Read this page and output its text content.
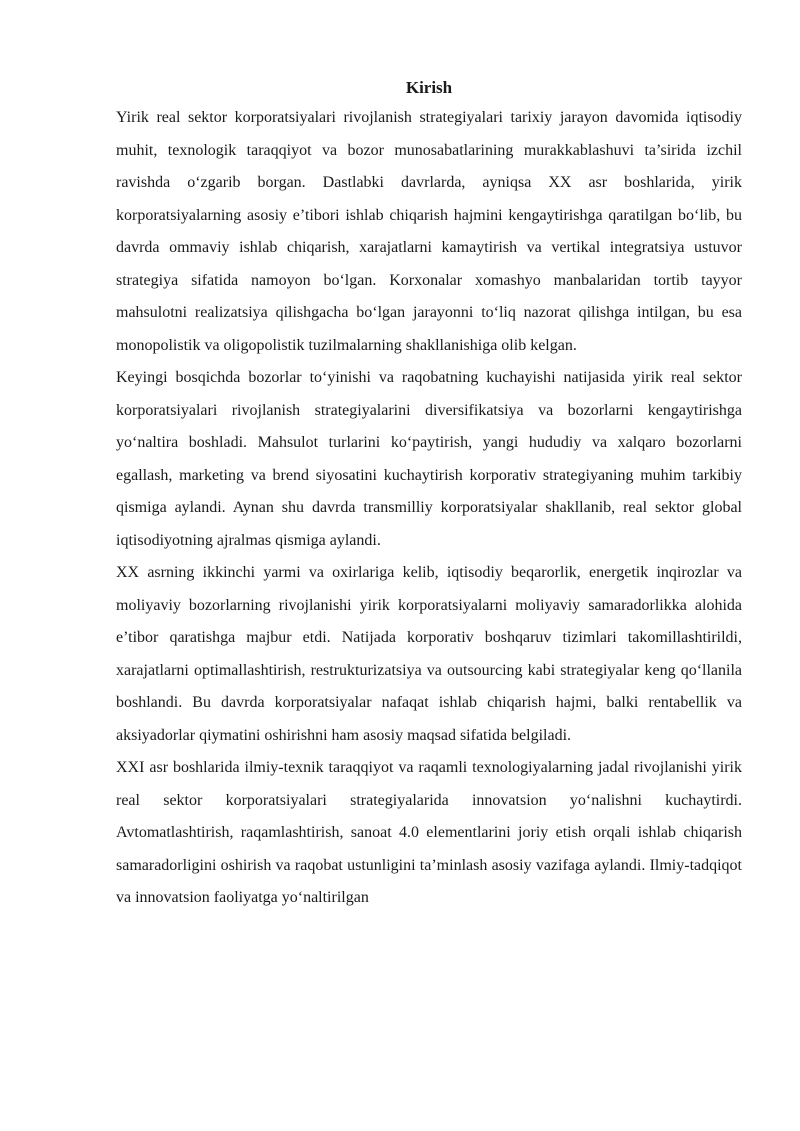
Kirish

Yirik real sektor korporatsiyalari rivojlanish strategiyalari tarixiy jarayon davomida iqtisodiy muhit, texnologik taraqqiyot va bozor munosabatlarining murakkablashuvi ta’sirida izchil ravishda o‘zgarib borgan. Dastlabki davrlarda, ayniqsa XX asr boshlarida, yirik korporatsiyalarning asosiy e’tibori ishlab chiqarish hajmini kengaytirishga qaratilgan bo‘lib, bu davrda ommaviy ishlab chiqarish, xarajatlarni kamaytirish va vertikal integratsiya ustuvor strategiya sifatida namoyon bo‘lgan. Korxonalar xomashyo manbalaridan tortib tayyor mahsulotni realizatsiya qilishgacha bo‘lgan jarayonni to‘liq nazorat qilishga intilgan, bu esa monopolistik va oligopolistik tuzilmalarning shakllanishiga olib kelgan.

Keyingi bosqichda bozorlar to‘yinishi va raqobatning kuchayishi natijasida yirik real sektor korporatsiyalari rivojlanish strategiyalarini diversifikatsiya va bozorlarni kengaytirishga yo‘naltira boshladi. Mahsulot turlarini ko‘paytirish, yangi hududiy va xalqaro bozorlarni egallash, marketing va brend siyosatini kuchaytirish korporativ strategiyaning muhim tarkibiy qismiga aylandi. Aynan shu davrda transmilliy korporatsiyalar shakllanib, real sektor global iqtisodiyotning ajralmas qismiga aylandi.

XX asrning ikkinchi yarmi va oxirlariga kelib, iqtisodiy beqarorlik, energetik inqirozlar va moliyaviy bozorlarning rivojlanishi yirik korporatsiyalarni moliyaviy samaradorlikka alohida e’tibor qaratishga majbur etdi. Natijada korporativ boshqaruv tizimlari takomillashtirildi, xarajatlarni optimallashtirish, restrukturizatsiya va outsourcing kabi strategiyalar keng qo‘llanila boshlandi. Bu davrda korporatsiyalar nafaqat ishlab chiqarish hajmi, balki rentabellik va aksiyadorlar qiymatini oshirishni ham asosiy maqsad sifatida belgiladi.

XXI asr boshlarida ilmiy-texnik taraqqiyot va raqamli texnologiyalarning jadal rivojlanishi yirik real sektor korporatsiyalari strategiyalarida innovatsion yo‘nalishni kuchaytirdi. Avtomatlashtirish, raqamlashtirish, sanoat 4.0 elementlarini joriy etish orqali ishlab chiqarish samaradorligini oshirish va raqobat ustunligini ta’minlash asosiy vazifaga aylandi. Ilmiy-tadqiqot va innovatsion faoliyatga yo‘naltirilgan
